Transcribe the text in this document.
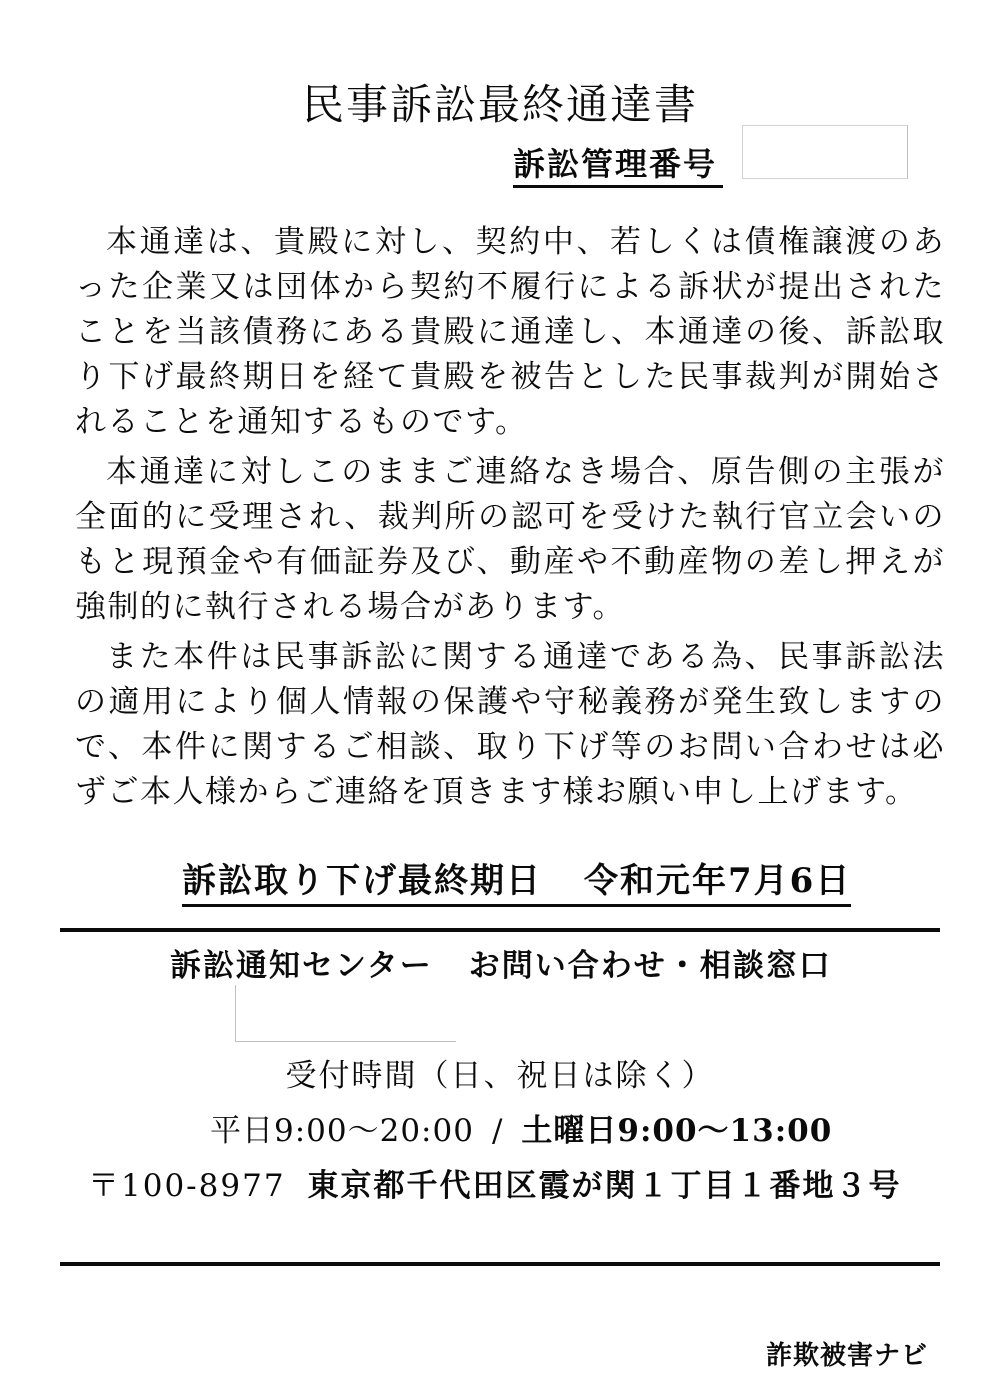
民事訴訟最終通達書
訴訟管理番号

本通達は、貴殿に対し、契約中、若しくは債権譲渡のあった企業又は団体から契約不履行による訴状が提出されたことを当該債務にある貴殿に通達し、本通達の後、訴訟取り下げ最終期日を経て貴殿を被告とした民事裁判が開始されることを通知するものです。

本通達に対しこのままご連絡なき場合、原告側の主張が全面的に受理され、裁判所の認可を受けた執行官立会いのもと現預金や有価証券及び、動産や不動産物の差し押えが強制的に執行される場合があります。

また本件は民事訴訟に関する通達である為、民事訴訟法の適用により個人情報の保護や守秘義務が発生致しますので、本件に関するご相談、取り下げ等のお問い合わせは必ずご本人様からご連絡を頂きます様お願い申し上げます。

訴訟取り下げ最終期日 令和元年7月6日
訴訟通知センター お問い合わせ・相談窓口
受付時間（日、祝日は除く）
平日9:00〜20:00 / 土曜日9:00〜13:00
〒100-8977 東京都千代田区霞が関１丁目１番地３号
詐欺被害ナビ
